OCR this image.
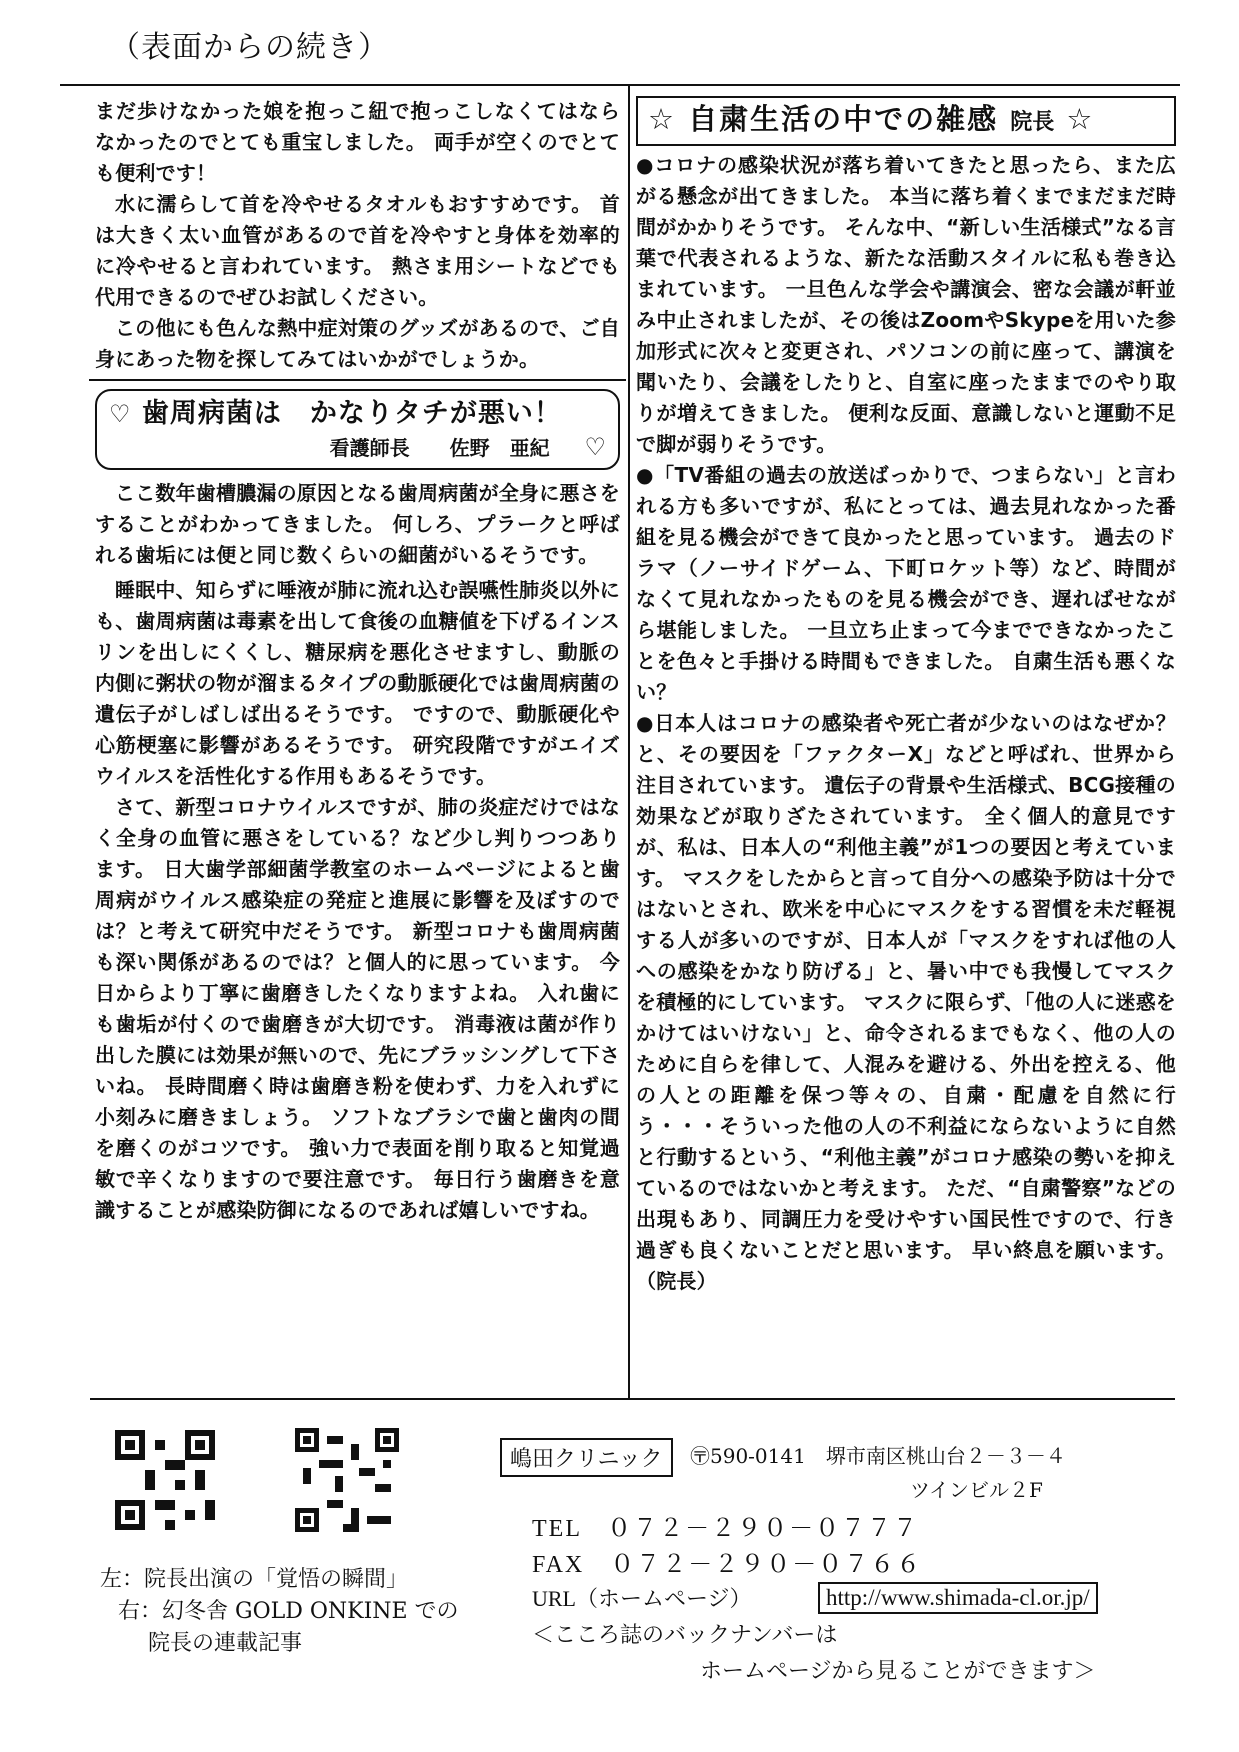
（表面からの続き）

まだ歩けなかった娘を抱っこ紐で抱っこしなくてはならなかったのでとても重宝しました。 両手が空くのでとても便利です！

水に濡らして首を冷やせるタオルもおすすめです。 首は大きく太い血管があるので首を冷やすと身体を効率的に冷やせると言われています。 熱さま用シートなどでも代用できるのでぜひお試しください。

この他にも色んな熱中症対策のグッズがあるので、ご自身にあった物を探してみてはいかがでしょうか。

♡ 歯周病菌は　かなりタチが悪い！
看護師長　　佐野　亜紀 ♡

ここ数年歯槽膿漏の原因となる歯周病菌が全身に悪さをすることがわかってきました。 何しろ、プラークと呼ばれる歯垢には便と同じ数くらいの細菌がいるそうです。

睡眠中、知らずに唾液が肺に流れ込む誤嚥性肺炎以外にも、歯周病菌は毒素を出して食後の血糖値を下げるインスリンを出しにくくし、糖尿病を悪化させますし、動脈の内側に粥状の物が溜まるタイプの動脈硬化では歯周病菌の遺伝子がしばしば出るそうです。 ですので、動脈硬化や心筋梗塞に影響があるそうです。 研究段階ですがエイズウイルスを活性化する作用もあるそうです。

さて、新型コロナウイルスですが、肺の炎症だけではなく全身の血管に悪さをしている？など少し判りつつあります。 日大歯学部細菌学教室のホームページによると歯周病がウイルス感染症の発症と進展に影響を及ぼすのでは？と考えて研究中だそうです。 新型コロナも歯周病菌も深い関係があるのでは？と個人的に思っています。 今日からより丁寧に歯磨きしたくなりますよね。 入れ歯にも歯垢が付くので歯磨きが大切です。 消毒液は菌が作り出した膜には効果が無いので、先にブラッシングして下さいね。 長時間磨く時は歯磨き粉を使わず、力を入れずに小刻みに磨きましょう。 ソフトなブラシで歯と歯肉の間を磨くのがコツです。 強い力で表面を削り取ると知覚過敏で辛くなりますので要注意です。 毎日行う歯磨きを意識することが感染防御になるのであれば嬉しいですね。

☆ 自粛生活の中での雑感 院長 ☆

●コロナの感染状況が落ち着いてきたと思ったら、また広がる懸念が出てきました。 本当に落ち着くまでまだまだ時間がかかりそうです。 そんな中、“新しい生活様式”なる言葉で代表されるような、新たな活動スタイルに私も巻き込まれています。 一旦色んな学会や講演会、密な会議が軒並み中止されましたが、その後はZoomやSkypeを用いた参加形式に次々と変更され、パソコンの前に座って、講演を聞いたり、会議をしたりと、自室に座ったままでのやり取りが増えてきました。 便利な反面、意識しないと運動不足で脚が弱りそうです。

●「TV番組の過去の放送ばっかりで、つまらない」と言われる方も多いですが、私にとっては、過去見れなかった番組を見る機会ができて良かったと思っています。 過去のドラマ（ノーサイドゲーム、下町ロケット等）など、時間がなくて見れなかったものを見る機会ができ、遅ればせながら堪能しました。 一旦立ち止まって今までできなかったことを色々と手掛ける時間もできました。 自粛生活も悪くない？

●日本人はコロナの感染者や死亡者が少ないのはなぜか？と、その要因を「ファクターX」などと呼ばれ、世界から注目されています。 遺伝子の背景や生活様式、BCG接種の効果などが取りざたされています。 全く個人的意見ですが、私は、日本人の“利他主義”が1つの要因と考えています。 マスクをしたからと言って自分への感染予防は十分ではないとされ、欧米を中心にマスクをする習慣を未だ軽視する人が多いのですが、日本人が「マスクをすれば他の人への感染をかなり防げる」と、暑い中でも我慢してマスクを積極的にしています。 マスクに限らず、「他の人に迷惑をかけてはいけない」と、命令されるまでもなく、他の人のために自らを律して、人混みを避ける、外出を控える、他の人との距離を保つ等々の、自粛・配慮を自然に行う・・・そういった他の人の不利益にならないように自然と行動するという、“利他主義”がコロナ感染の勢いを抑えているのではないかと考えます。 ただ、“自粛警察”などの出現もあり、同調圧力を受けやすい国民性ですので、行き過ぎも良くないことだと思います。 早い終息を願います。（院長）

左：院長出演の「覚悟の瞬間」
右：幻冬舎 GOLD ONKINE での
院長の連載記事
嶋田クリニック	〶590-0141　堺市南区桃山台２－３－４
ツインビル２F
TEL　０７２－２９０－０７７７
FAX　０７２－２９０－０７６６
URL（ホームページ）	http://www.shimada-cl.or.jp/
＜こころ誌のバックナンバーは
ホームページから見ることができます＞
